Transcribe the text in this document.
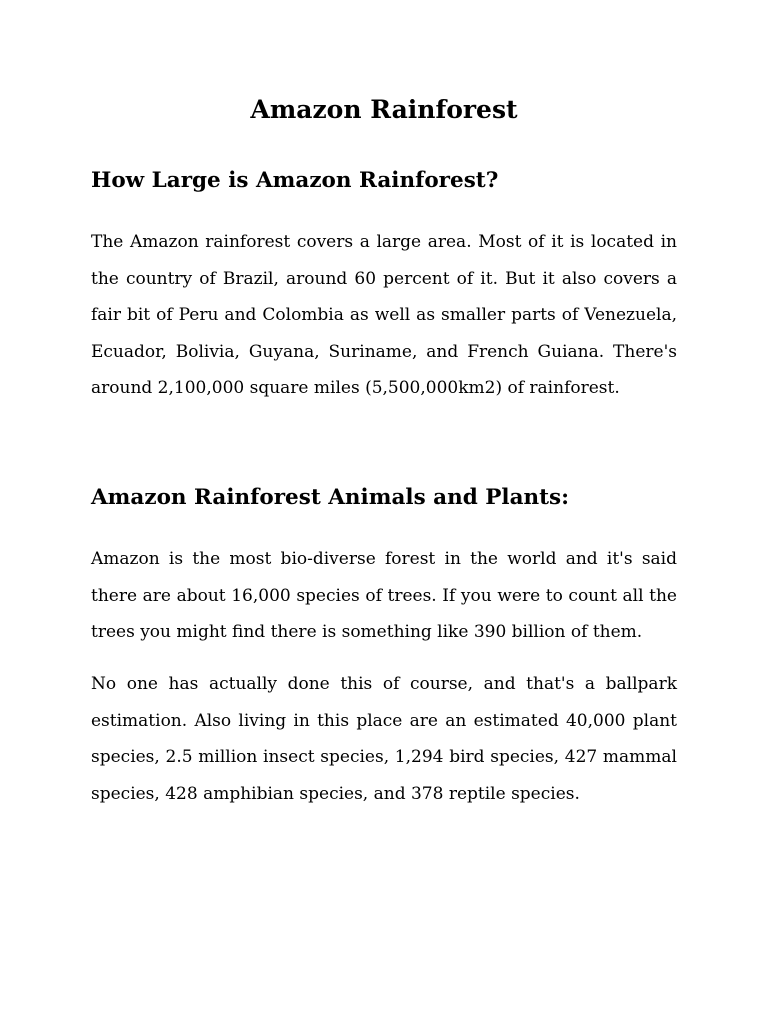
Amazon Rainforest
How Large is Amazon Rainforest?

The Amazon rainforest covers a large area. Most of it is located in the country of Brazil, around 60 percent of it. But it also covers a fair bit of Peru and Colombia as well as smaller parts of Venezuela, Ecuador, Bolivia, Guyana, Suriname, and French Guiana. There's around 2,100,000 square miles (5,500,000km2) of rainforest.

Amazon Rainforest Animals and Plants:

Amazon is the most bio-diverse forest in the world and it's said there are about 16,000 species of trees. If you were to count all the trees you might find there is something like 390 billion of them.

No one has actually done this of course, and that's a ballpark estimation. Also living in this place are an estimated 40,000 plant species, 2.5 million insect species, 1,294 bird species, 427 mammal species, 428 amphibian species, and 378 reptile species.
